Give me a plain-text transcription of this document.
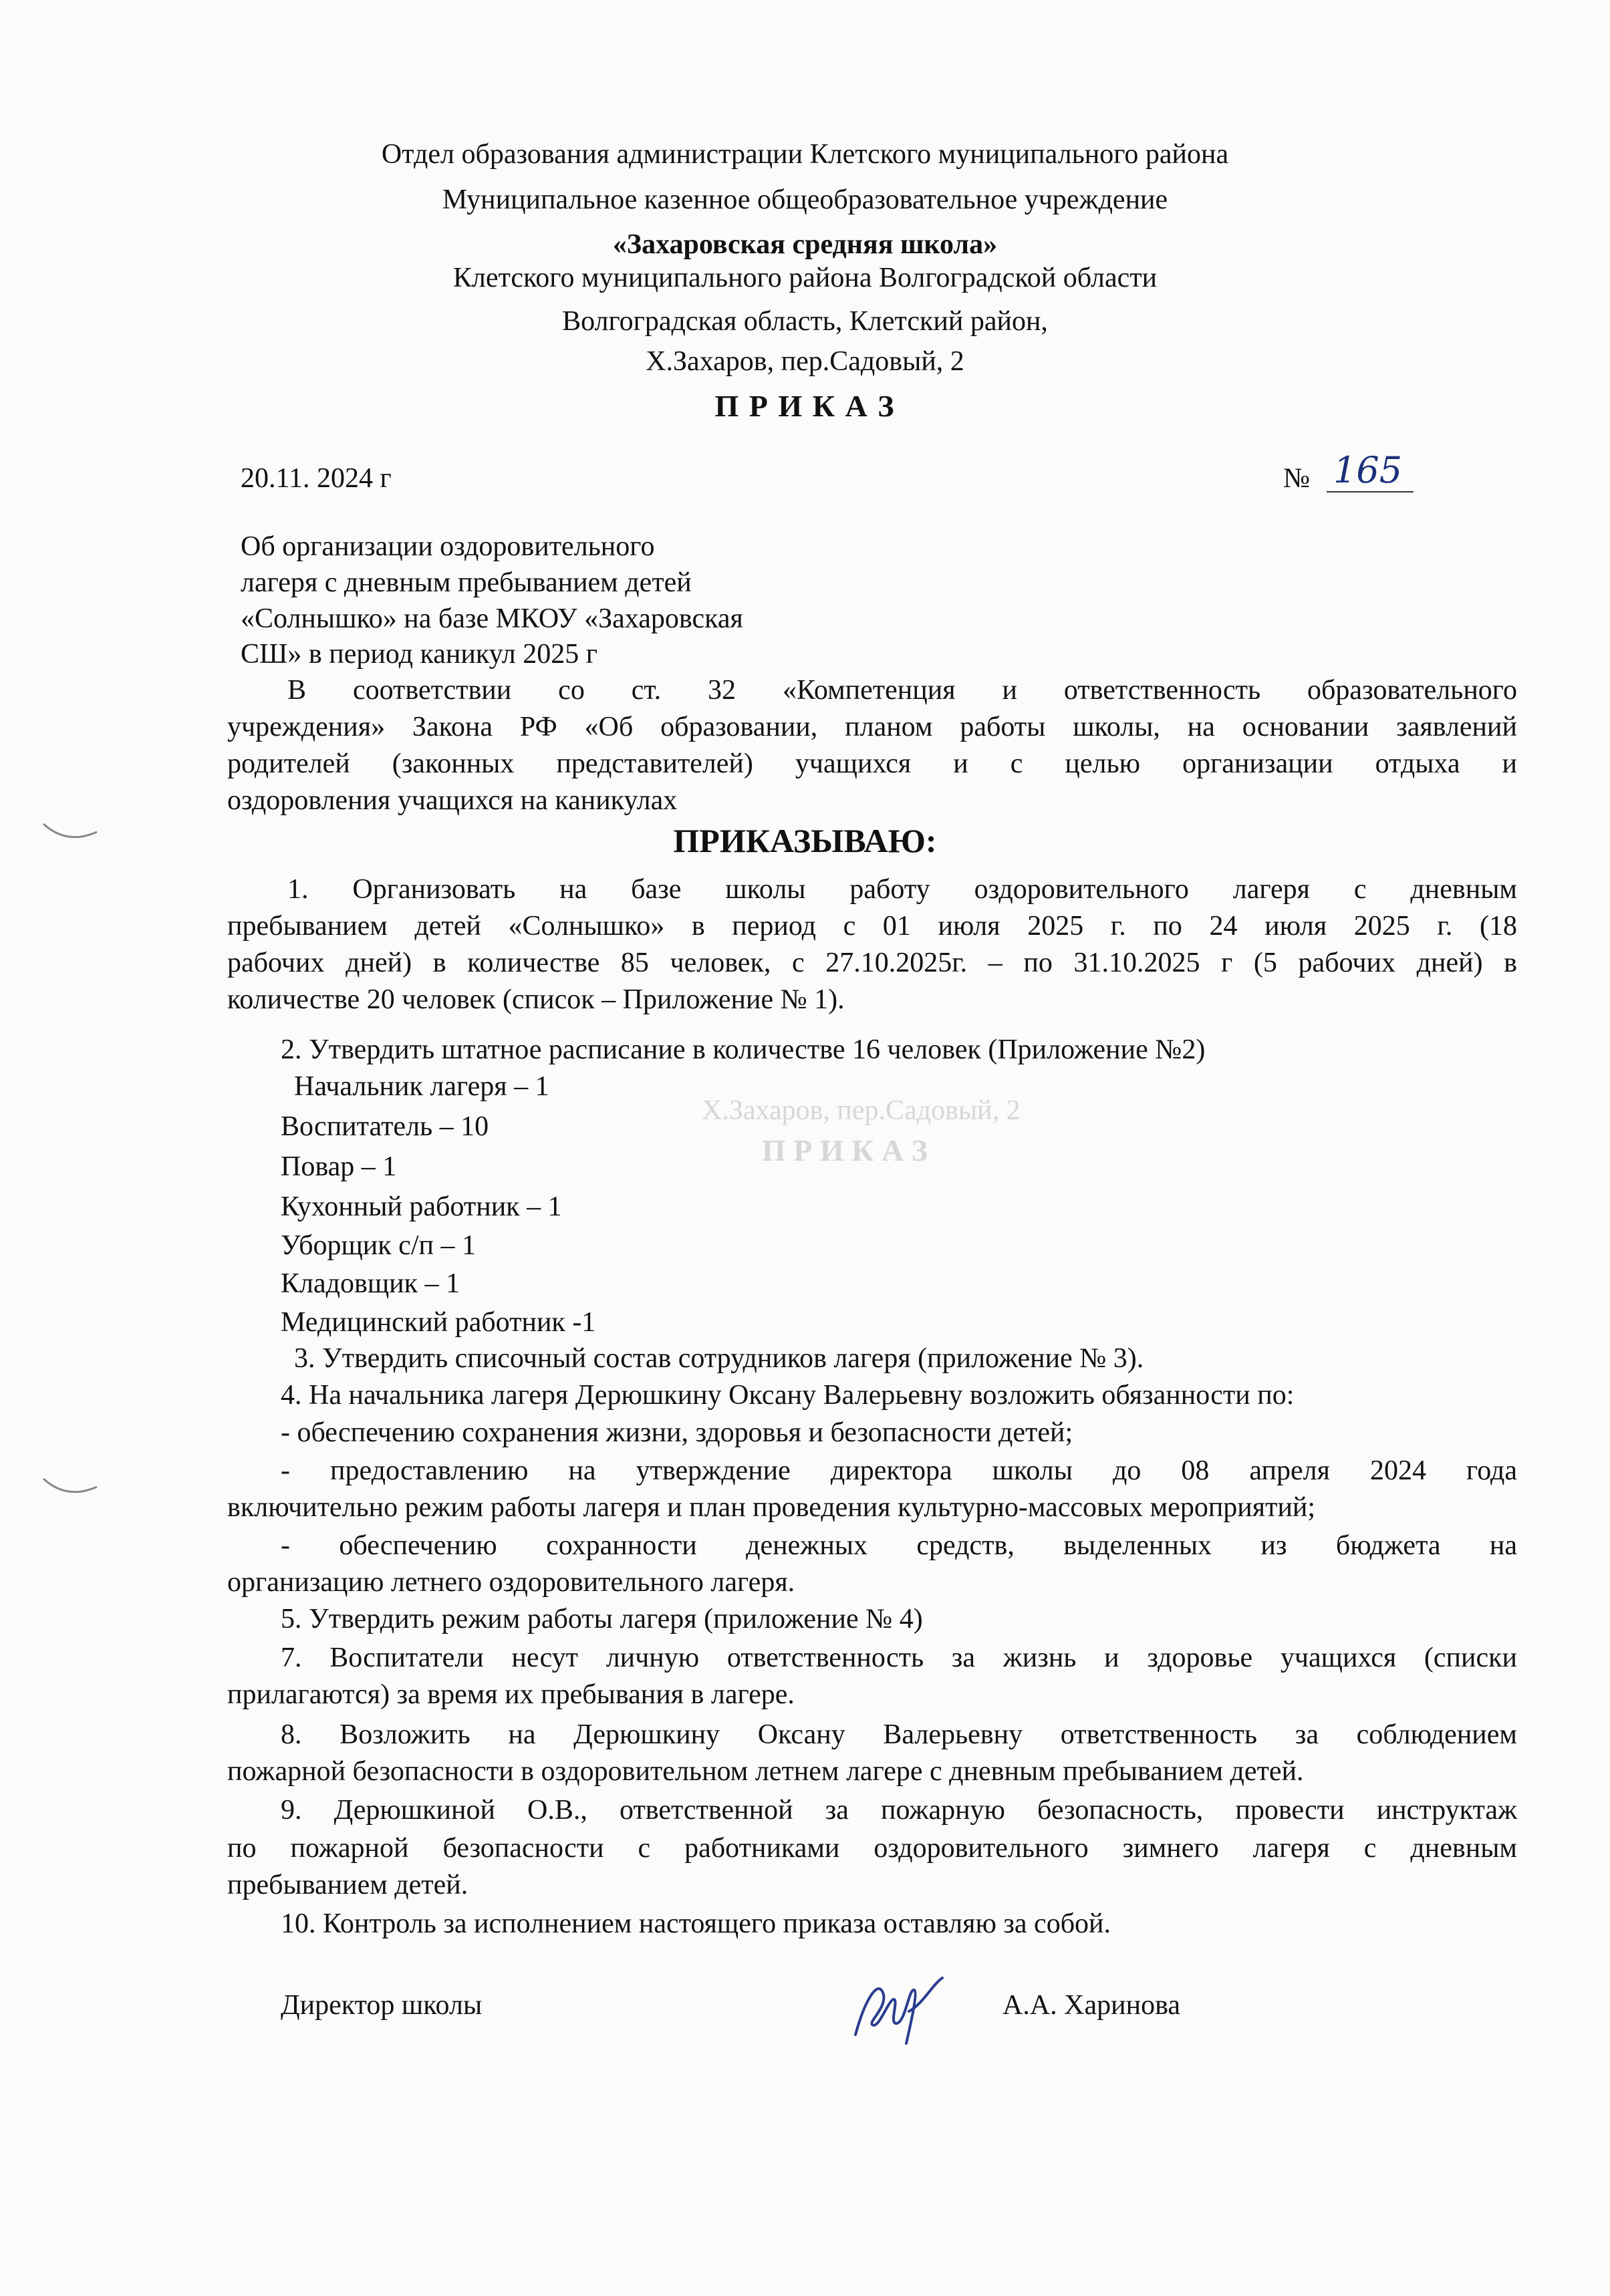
Х.Захаров, пер.Садовый, 2
П Р И К А З
Отдел образования администрации Клетского муниципального района
Муниципальное казенное общеобразовательное учреждение
«Захаровская средняя школа»
Клетского муниципального района Волгоградской области
Волгоградская область, Клетский район,
Х.Захаров, пер.Садовый, 2
П Р И К А З
20.11. 2024 г	№ 165
Об организации оздоровительного
лагеря с дневным пребыванием детей
«Солнышко» на базе МКОУ «Захаровская
СШ» в период каникул 2025 г
В соответствии со ст. 32 «Компетенция и ответственность образовательного
учреждения» Закона РФ «Об образовании, планом работы школы, на основании заявлений
родителей (законных представителей) учащихся и с целью организации отдыха и
оздоровления учащихся на каникулах
ПРИКАЗЫВАЮ:
1. Организовать на базе школы работу оздоровительного лагеря с дневным
пребыванием детей «Солнышко» в период с 01 июля 2025 г. по 24 июля 2025 г. (18
рабочих дней) в количестве 85 человек, с 27.10.2025г. – по 31.10.2025 г (5 рабочих дней) в
количестве 20 человек (список – Приложение № 1).
2. Утвердить штатное расписание в количестве 16 человек (Приложение №2)
Начальник лагеря – 1
Воспитатель – 10
Повар – 1
Кухонный работник – 1
Уборщик с/п – 1
Кладовщик – 1
Медицинский работник -1
3. Утвердить списочный состав сотрудников лагеря (приложение № 3).
4. На начальника лагеря Дерюшкину Оксану Валерьевну возложить обязанности по:
- обеспечению сохранения жизни, здоровья и безопасности детей;
- предоставлению на утверждение директора школы до 08 апреля 2024 года
включительно режим работы лагеря и план проведения культурно-массовых мероприятий;
- обеспечению сохранности денежных средств, выделенных из бюджета на
организацию летнего оздоровительного лагеря.
5. Утвердить режим работы лагеря (приложение № 4)
7. Воспитатели несут личную ответственность за жизнь и здоровье учащихся (списки
прилагаются) за время их пребывания в лагере.
8. Возложить на Дерюшкину Оксану Валерьевну ответственность за соблюдением
пожарной безопасности в оздоровительном летнем лагере с дневным пребыванием детей.
9. Дерюшкиной О.В., ответственной за пожарную безопасность, провести инструктаж
по пожарной безопасности с работниками оздоровительного зимнего лагеря с дневным
пребыванием детей.
10. Контроль за исполнением настоящего приказа оставляю за собой.
Директор школы	А.А. Харинова
